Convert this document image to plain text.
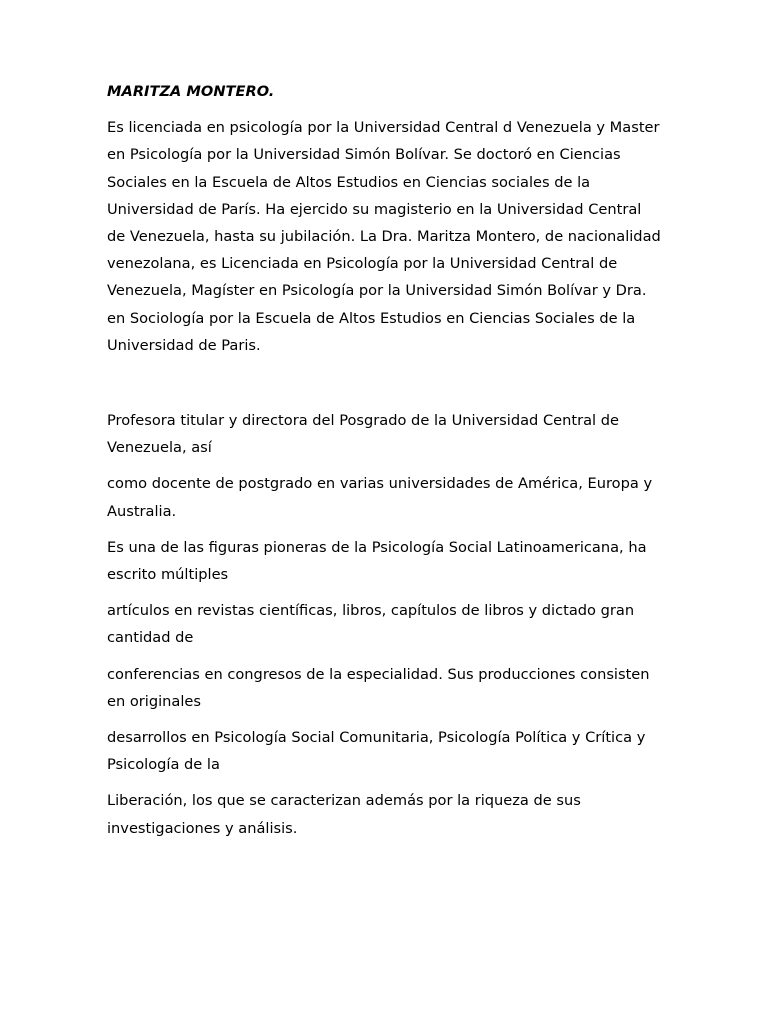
MARITZA MONTERO.

Es licenciada en psicología por la Universidad Central d Venezuela y Master en Psicología por la Universidad Simón Bolívar. Se doctoró en Ciencias Sociales en la Escuela de Altos Estudios en Ciencias sociales de la Universidad de París. Ha ejercido su magisterio en la Universidad Central de Venezuela, hasta su jubilación. La Dra. Maritza Montero, de nacionalidad venezolana, es Licenciada en Psicología por la Universidad Central de Venezuela, Magíster en Psicología por la Universidad Simón Bolívar y Dra. en Sociología por la Escuela de Altos Estudios en Ciencias Sociales de la Universidad de Paris.

Profesora titular y directora del Posgrado de la Universidad Central de Venezuela, así

como docente de postgrado en varias universidades de América, Europa y Australia.

Es una de las figuras pioneras de la Psicología Social Latinoamericana, ha escrito múltiples

artículos en revistas científicas, libros, capítulos de libros y dictado gran cantidad de

conferencias en congresos de la especialidad. Sus producciones consisten en originales

desarrollos en Psicología Social Comunitaria, Psicología Política y Crítica y Psicología de la

Liberación, los que se caracterizan además por la riqueza de sus investigaciones y análisis.
